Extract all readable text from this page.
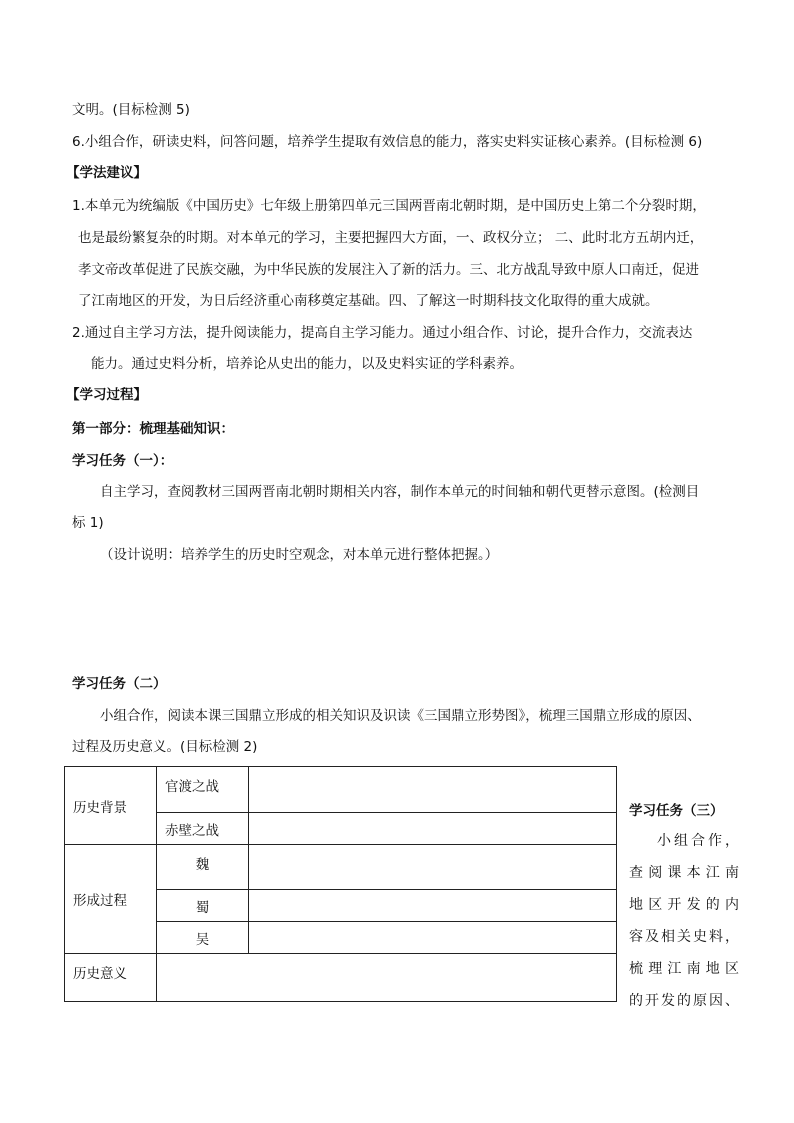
文明。(目标检测 5)
6.小组合作，研读史料，问答问题，培养学生提取有效信息的能力，落实史料实证核心素养。(目标检测 6)
【学法建议】
1.本单元为统编版《中国历史》七年级上册第四单元三国两晋南北朝时期，是中国历史上第二个分裂时期，
也是最纷繁复杂的时期。对本单元的学习，主要把握四大方面，一、政权分立； 二、此时北方五胡内迁，
孝文帝改革促进了民族交融，为中华民族的发展注入了新的活力。三、北方战乱导致中原人口南迁，促进
了江南地区的开发，为日后经济重心南移奠定基础。四、了解这一时期科技文化取得的重大成就。
2.通过自主学习方法，提升阅读能力，提高自主学习能力。通过小组合作、讨论，提升合作力，交流表达
能力。通过史料分析，培养论从史出的能力，以及史料实证的学科素养。
【学习过程】
第一部分：梳理基础知识：
学习任务（一）：
自主学习，查阅教材三国两晋南北朝时期相关内容，制作本单元的时间轴和朝代更替示意图。(检测目
标 1)
（设计说明：培养学生的历史时空观念，对本单元进行整体把握。）
学习任务（二）
小组合作，阅读本课三国鼎立形成的相关知识及识读《三国鼎立形势图》，梳理三国鼎立形成的原因、
过程及历史意义。(目标检测 2)
历史背景	官渡之战	
	赤壁之战	
形成过程	魏	
	蜀	
	吴	
历史意义		
学习任务（三）
小组合作，
查阅课本江南
地区开发的内
容及相关史料，
梳理江南地区
的开发的原因、
